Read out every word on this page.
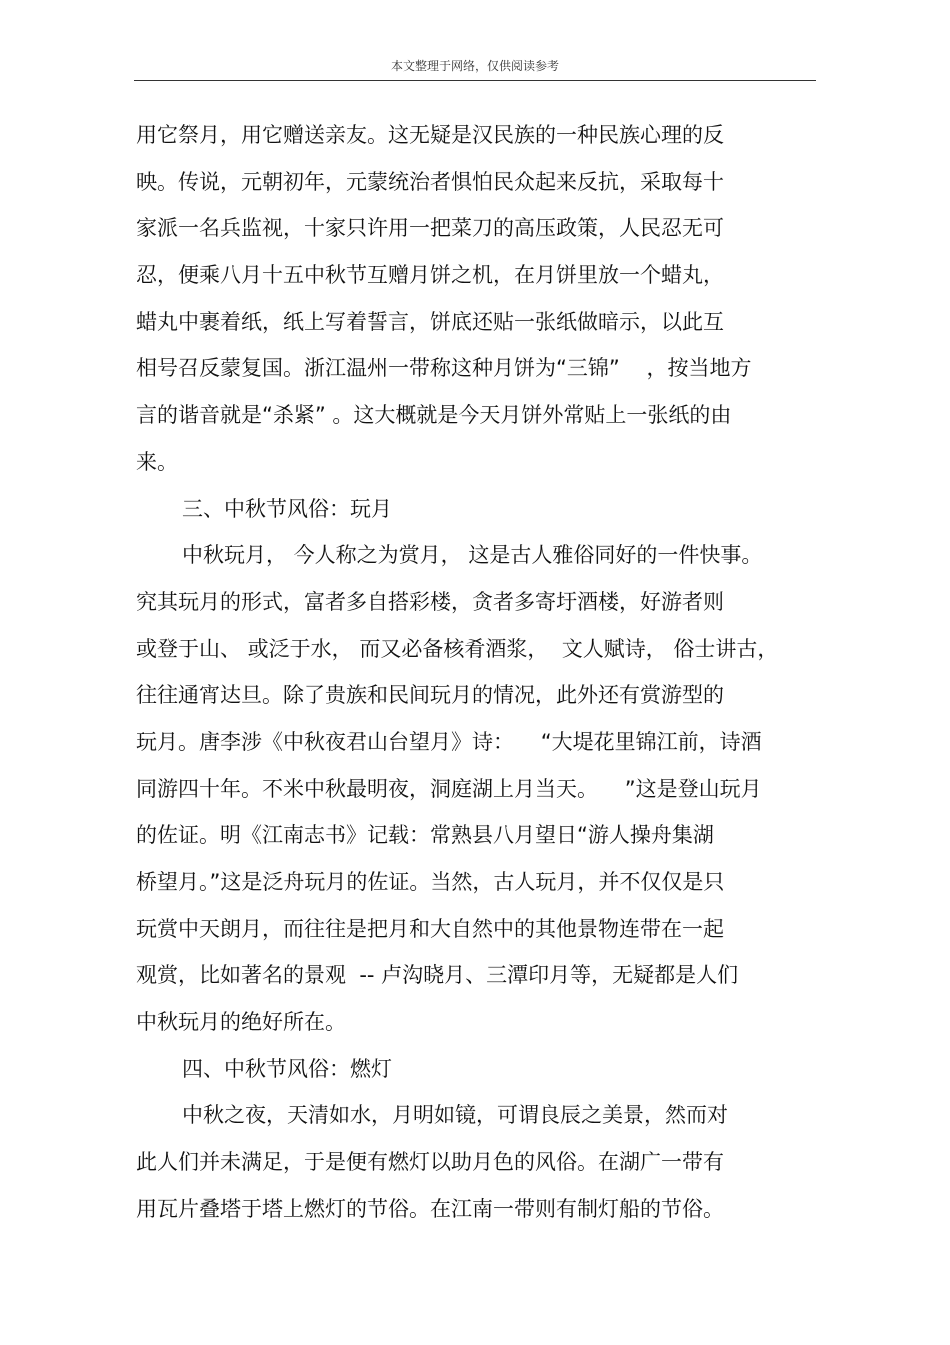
本文整理于网络，仅供阅读参考
用它祭月，用它赠送亲友。这无疑是汉民族的一种民族心理的反
映。传说，元朝初年，元蒙统治者惧怕民众起来反抗，采取每十
家派一名兵监视，十家只许用一把菜刀的高压政策，人民忍无可
忍，便乘八月十五中秋节互赠月饼之机，在月饼里放一个蜡丸，
蜡丸中裹着纸，纸上写着誓言，饼底还贴一张纸做暗示，以此互
相号召反蒙复国。浙江温州一带称这种月饼为“三锦”    ，按当地方
言的谐音就是“杀紧” 。这大概就是今天月饼外常贴上一张纸的由
来。
三、中秋节风俗：玩月
中秋玩月， 今人称之为赏月， 这是古人雅俗同好的一件快事。
究其玩月的形式，富者多自搭彩楼，贪者多寄圩酒楼，好游者则
或登于山、 或泛于水， 而又必备核肴酒浆，  文人赋诗， 俗士讲古，
往往通宵达旦。除了贵族和民间玩月的情况，此外还有赏游型的
玩月。唐李涉《中秋夜君山台望月》诗：    “大堤花里锦江前，诗酒
同游四十年。不米中秋最明夜，洞庭湖上月当天。    ”这是登山玩月
的佐证。明《江南志书》记载：常熟县八月望日“游人操舟集湖
桥望月。”这是泛舟玩月的佐证。当然，古人玩月，并不仅仅是只
玩赏中天朗月，而往往是把月和大自然中的其他景物连带在一起
观赏，比如著名的景观  -- 卢沟晓月、三潭印月等，无疑都是人们
中秋玩月的绝好所在。
四、中秋节风俗：燃灯
中秋之夜，天清如水，月明如镜，可谓良辰之美景，然而对
此人们并未满足，于是便有燃灯以助月色的风俗。在湖广一带有
用瓦片叠塔于塔上燃灯的节俗。在江南一带则有制灯船的节俗。
